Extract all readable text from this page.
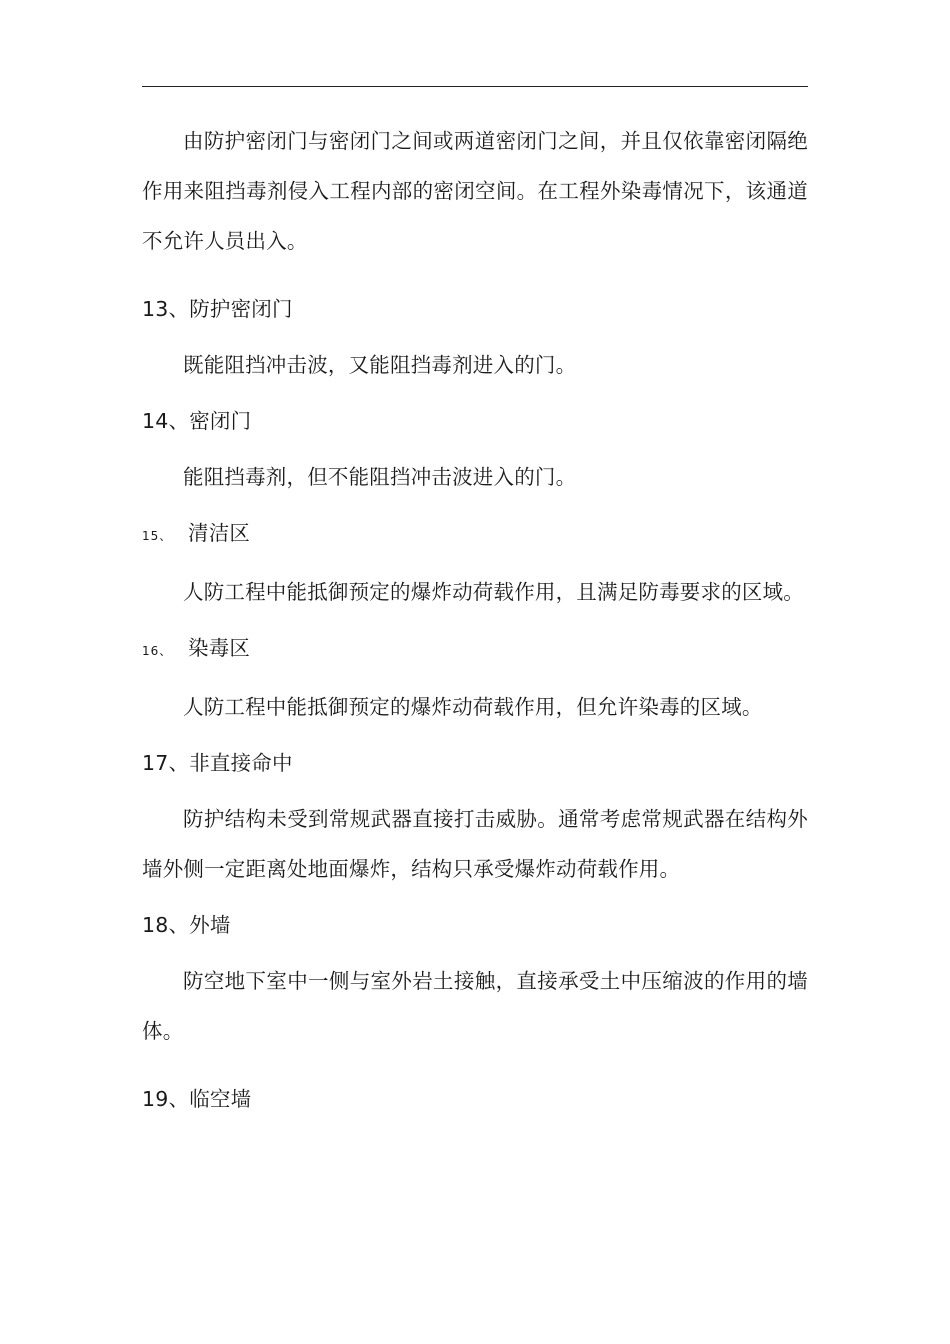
由防护密闭门与密闭门之间或两道密闭门之间，并且仅依靠密闭隔绝作用来阻挡毒剂侵入工程内部的密闭空间。在工程外染毒情况下，该通道不允许人员出入。

13、防护密闭门

既能阻挡冲击波，又能阻挡毒剂进入的门。

14、密闭门

能阻挡毒剂，但不能阻挡冲击波进入的门。

15、 清洁区

人防工程中能抵御预定的爆炸动荷载作用，且满足防毒要求的区域。

16、 染毒区

人防工程中能抵御预定的爆炸动荷载作用，但允许染毒的区域。

17、非直接命中

防护结构未受到常规武器直接打击威胁。通常考虑常规武器在结构外墙外侧一定距离处地面爆炸，结构只承受爆炸动荷载作用。

18、外墙

防空地下室中一侧与室外岩土接触，直接承受土中压缩波的作用的墙体。

19、临空墙
